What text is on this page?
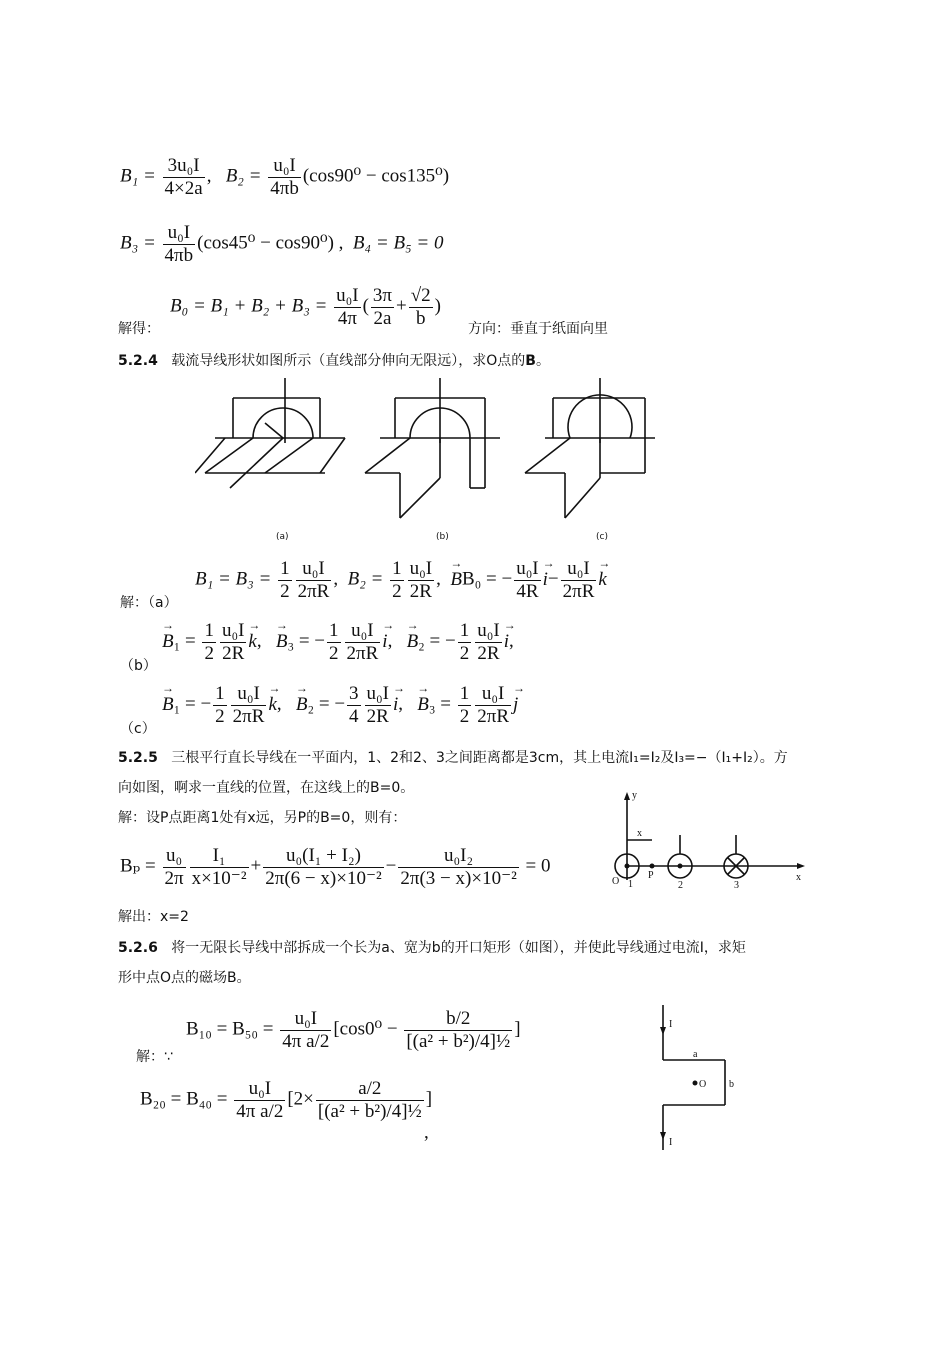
$B_1 = \frac{\text{3u₀I}}{4\times 2a}$ , $B_2 = \frac{\text{u₀I}}{4\pi b} (\cos 90^0 - \cos 135^0)$
$B_3 = \frac{\text{u₀I}}{4\pi b} (\cos 45^0 - \cos 90^0)$ , B₄ = B₅ = 0
解得：
$B_0 = B_1 + B_2 + B_3 = \frac{\text{u₀I}}{4\pi}$ ( $\frac{3\pi}{2a} + \frac{√2}{b}$ )
方向：垂直于纸面向里
5.2.4 载流导线形状如图所示（直线部分伸向无限远），求O点的B。
(a)	(b)	(c)
解：（a）
$B_1 = B_3 = \frac{1}{2} \frac{\text{u₀I}}{2\pi R}$ ,  $B_2 = \frac{1}{2} \frac{\text{u₀I}}{2R}$ ,  → BB₀ = − $\frac{\text{u₀I}}{4R}$
→ $i- \frac{\text{u₀I}}{2\pi R}$
→ k
（b）
→ $B_1 = \frac{1}{2} \frac{\text{u₀I}}{2R}$
→ k,   → B₃ = − $\frac{1}{2} \frac{\text{u₀I}}{2\pi R}$
→ i,   → B₂ = − $\frac{1}{2} \frac{\text{u₀I}}{2R}$
→ i,
（c）
→ B₁ = − $\frac{1}{2} \frac{\text{u₀I}}{2\pi R}$
→ k,   → B₂ = − $\frac{3}{4} \frac{\text{u₀I}}{2R}$
→ i,   → $B_3 = \frac{1}{2} \frac{\text{u₀I}}{2\pi R}$
→ j
5.2.5 三根平行直长导线在一平面内，1、2和2、3之间距离都是3cm，其上电流I₁=I₂及I₃=−（I₁+I₂）。方
向如图，啊求一直线的位置，在这线上的B=0。
解：设P点距离1处有x远，另P的B=0，则有：
O 1
P
2	3
y
x
x
$B_p = \frac{\text{u₀}}{2\pi} \frac{\text{I₁}}{\text{x×10⁻²}} + \frac{\text{u₀(I₁ + I₂)}}{\text{2π(6 − x)×10⁻²}} - \frac{\text{u₀I₂}}{\text{2π(3 − x)×10⁻²}} = 0$
解出：x=2
5.2.6 将一无限长导线中部拆成一个长为a、宽为b的开口矩形（如图），并使此导线通过电流I，求矩
形中点O点的磁场B。
解：∵
$B_{10} = B_{50} = \frac{\text{u₀I}}{\text{4π a/2}} [\cos 0^0 - \frac{b/2}{\text{[(a² + b²)/4]½}}$ ]
$B_{20} = B_{40} = \frac{\text{u₀I}}{\text{4π a/2}} [2\times \frac{a/2}{\text{[(a² + b²)/4]½}}$ ]
,
I
I
O b
a
